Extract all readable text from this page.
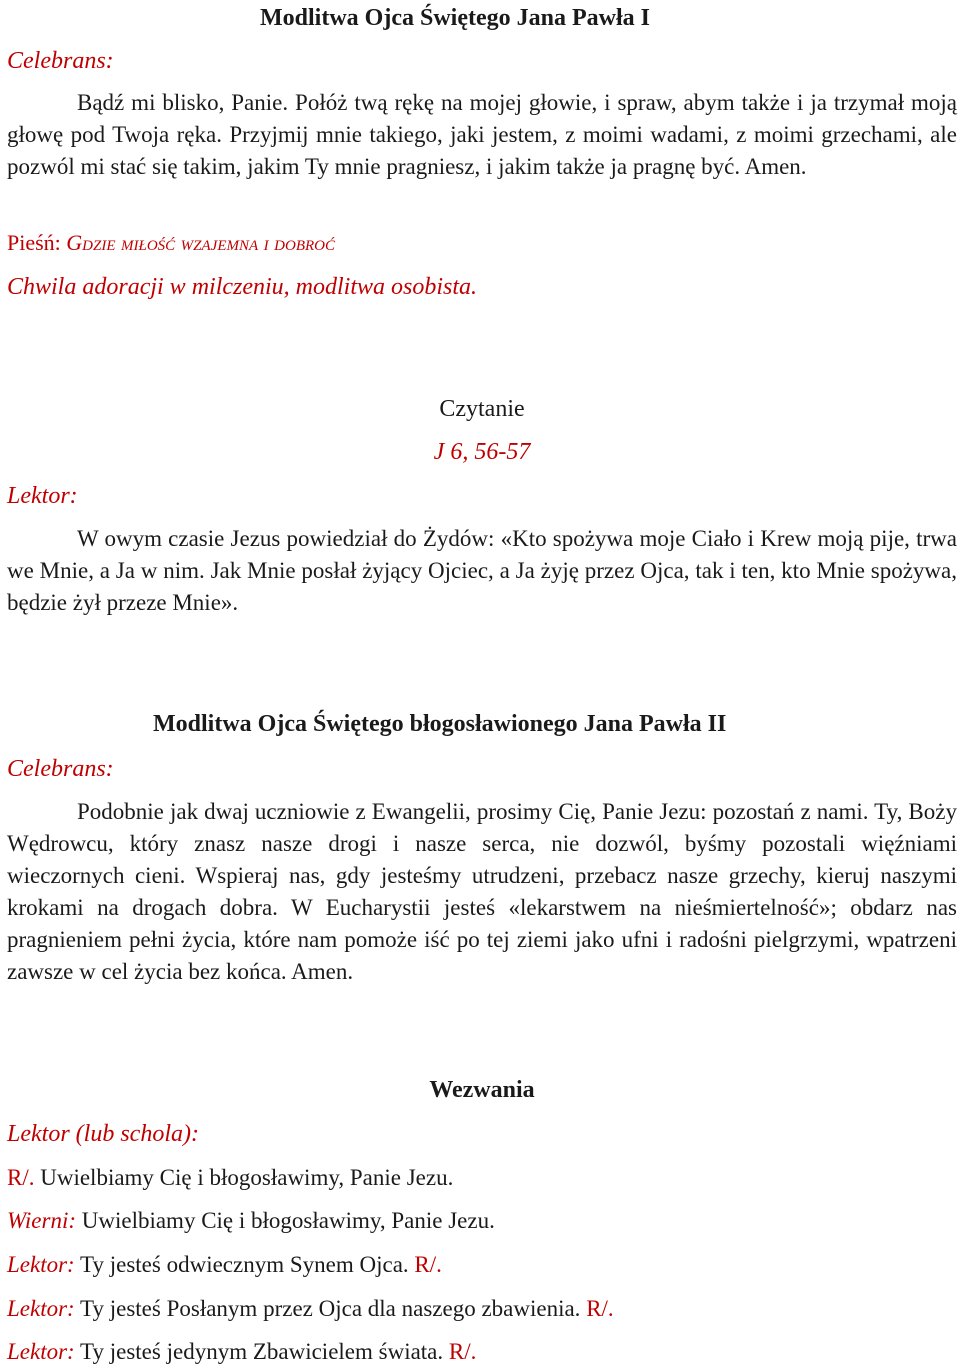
Modlitwa Ojca Świętego Jana Pawła I
Celebrans:
Bądź mi blisko, Panie. Połóż twą rękę na mojej głowie, i spraw, abym także i ja trzymał moją głowę pod Twoja ręka. Przyjmij mnie takiego, jaki jestem, z moimi wadami, z moimi grzechami, ale pozwól mi stać się takim, jakim Ty mnie pragniesz, i jakim także ja pragnę być. Amen.
Pieśń: Gdzie miłość wzajemna i dobroć
Chwila adoracji w milczeniu, modlitwa osobista.
Czytanie
J 6, 56-57
Lektor:
W owym czasie Jezus powiedział do Żydów: «Kto spożywa moje Ciało i Krew moją pije, trwa we Mnie, a Ja w nim. Jak Mnie posłał żyjący Ojciec, a Ja żyję przez Ojca, tak i ten, kto Mnie spożywa, będzie żył przeze Mnie».
Modlitwa Ojca Świętego błogosławionego Jana Pawła II
Celebrans:
Podobnie jak dwaj uczniowie z Ewangelii, prosimy Cię, Panie Jezu: pozostań z nami. Ty, Boży Wędrowcu, który znasz nasze drogi i nasze serca, nie dozwól, byśmy pozostali więźniami wieczornych cieni. Wspieraj nas, gdy jesteśmy utrudzeni, przebacz nasze grzechy, kieruj naszymi krokami na drogach dobra. W Eucharystii jesteś «lekarstwem na nieśmiertelność»; obdarz nas pragnieniem pełni życia, które nam pomoże iść po tej ziemi jako ufni i radośni pielgrzymi, wpatrzeni zawsze w cel życia bez końca. Amen.
Wezwania
Lektor (lub schola):
R/. Uwielbiamy Cię i błogosławimy, Panie Jezu.
Wierni: Uwielbiamy Cię i błogosławimy, Panie Jezu.
Lektor: Ty jesteś odwiecznym Synem Ojca. R/.
Lektor: Ty jesteś Posłanym przez Ojca dla naszego zbawienia. R/.
Lektor: Ty jesteś jedynym Zbawicielem świata. R/.
